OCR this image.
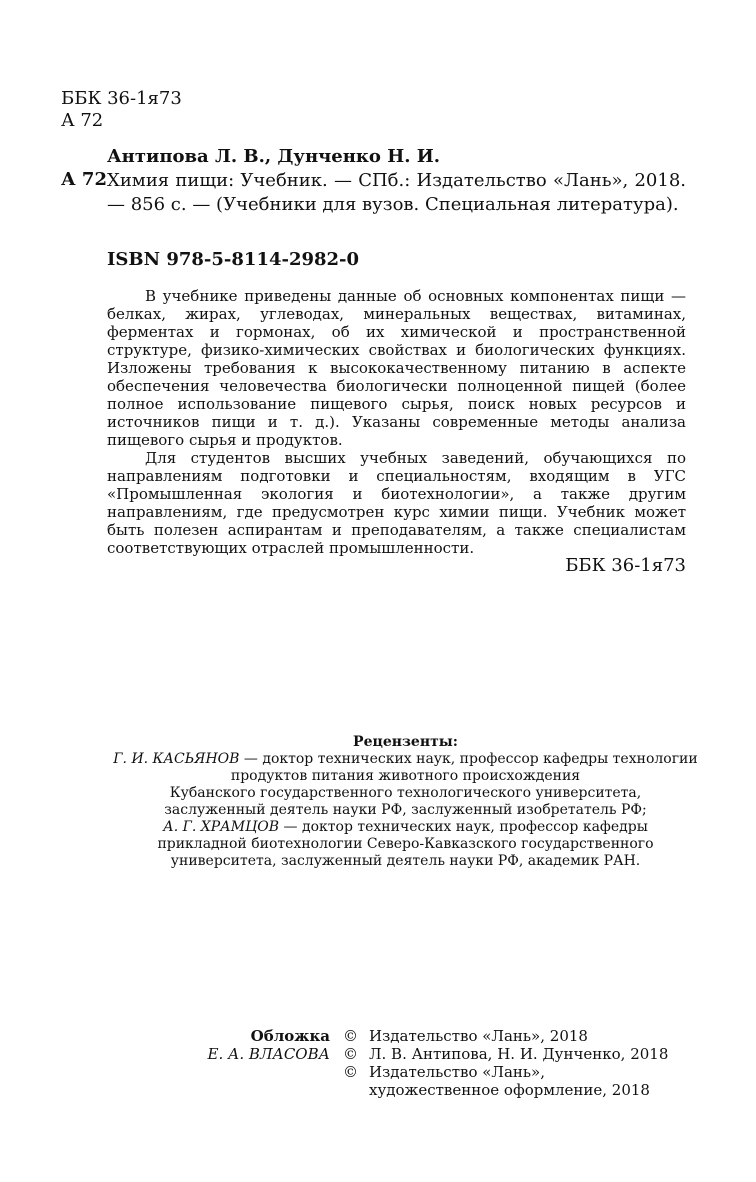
ББК 36-1я73
А 72
Антипова Л. В., Дунченко Н. И.
А 72 Химия пищи: Учебник. — СПб.: Издательство «Лань», 2018. — 856 с. — (Учебники для вузов. Специальная литература).
ISBN 978-5-8114-2982-0

В учебнике приведены данные об основных компонентах пищи — белках, жирах, углеводах, минеральных веществах, витаминах, ферментах и гормонах, об их химической и пространственной структуре, физико-химических свойствах и биологических функциях. Изложены требования к высококачественному питанию в аспекте обеспечения человечества биологически полноценной пищей (более полное использование пищевого сырья, поиск новых ресурсов и источников пищи и т. д.). Указаны современные методы анализа пищевого сырья и продуктов.

Для студентов высших учебных заведений, обучающихся по направлениям подготовки и специальностям, входящим в УГС «Промышленная экология и биотехнологии», а также другим направлениям, где предусмотрен курс химии пищи. Учебник может быть полезен аспирантам и преподавателям, а также специалистам соответствующих отраслей промышленности.

ББК 36-1я73
Рецензенты:
Г. И. КАСЬЯНОВ — доктор технических наук, профессор кафедры технологии
продуктов питания животного происхождения
Кубанского государственного технологического университета,
заслуженный деятель науки РФ, заслуженный изобретатель РФ;
А. Г. ХРАМЦОВ — доктор технических наук, профессор кафедры
прикладной биотехнологии Северо-Кавказского государственного
университета, заслуженный деятель науки РФ, академик РАН.
Обложка
Е. А. ВЛАСОВА
© Издательство «Лань», 2018
© Л. В. Антипова, Н. И. Дунченко, 2018
© Издательство «Лань»,
художественное оформление, 2018
